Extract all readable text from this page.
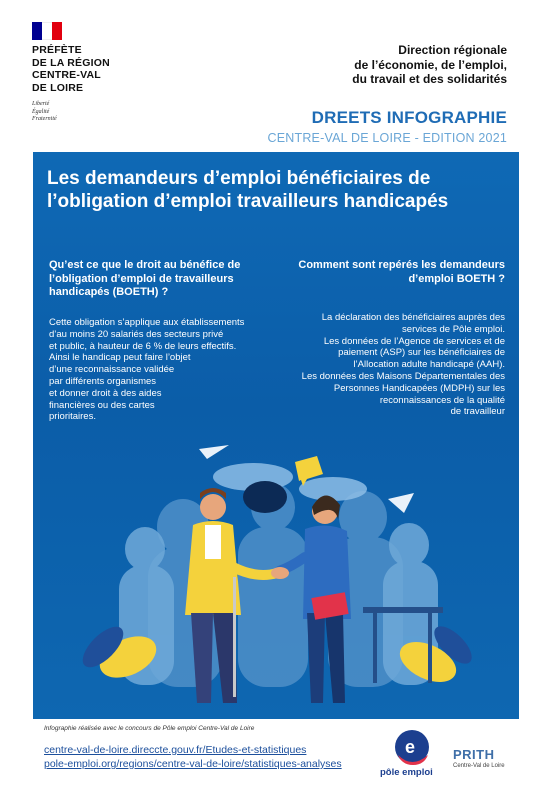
PRÉFÈTE
DE LA RÉGION
CENTRE-VAL
DE LOIRE
Liberté
Égalité
Fraternité
Direction régionale
de l’économie, de l’emploi,
du travail et des solidarités
DREETS INFOGRAPHIE
CENTRE-VAL DE LOIRE - EDITION 2021
Les demandeurs d’emploi bénéficiaires de l’obligation d’emploi travailleurs handicapés
Qu’est ce que le droit au bénéfice de l’obligation d’emploi de travailleurs handicapés (BOETH) ?
Comment sont repérés les demandeurs d’emploi BOETH ?
Cette obligation s’applique aux établissements
d’au moins 20 salariés des secteurs privé
et public, à hauteur de 6 % de leurs effectifs.
Ainsi le handicap peut faire l’objet
d’une reconnaissance validée
par différents organismes
et donner droit à des aides
financières ou des cartes
prioritaires.
La déclaration des bénéficiaires auprès des
services de Pôle emploi.
Les données de l’Agence de services et de
paiement (ASP) sur les bénéficiaires de
l’Allocation adulte handicapé (AAH).
Les données des Maisons Départementales des
Personnes Handicapées (MDPH) sur les
reconnaissances de la qualité
de travailleur
Infographie réalisée avec le concours de Pôle emploi Centre-Val de Loire
centre-val-de-loire.direccte.gouv.fr/Etudes-et-statistiques
pole-emploi.org/regions/centre-val-de-loire/statistiques-analyses
e
pôle emploi
PRITH
Centre-Val de Loire
